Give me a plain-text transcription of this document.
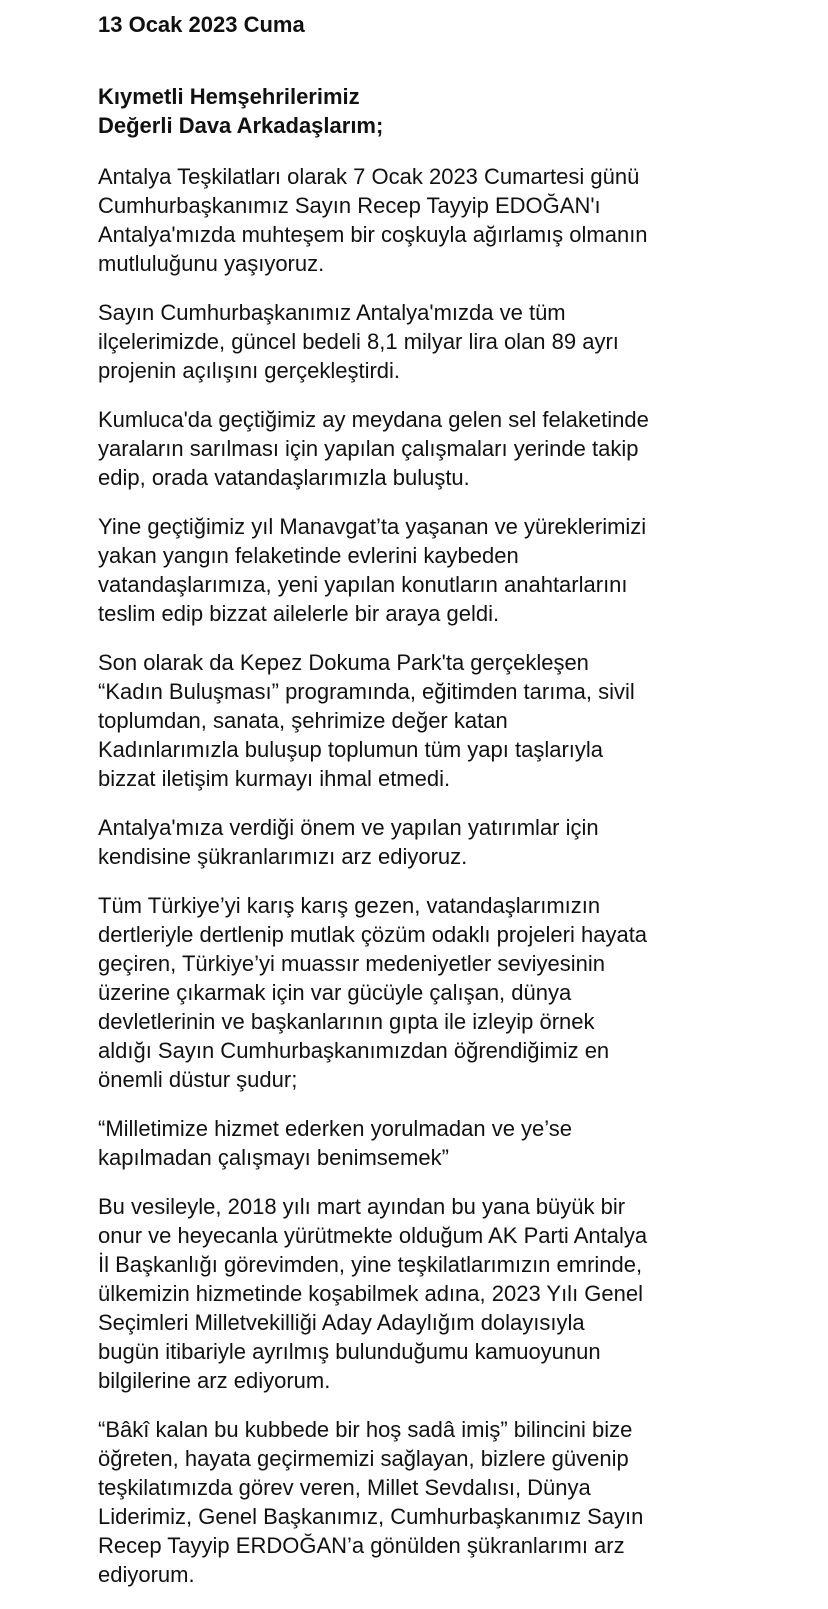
13 Ocak 2023 Cuma
Kıymetli Hemşehrilerimiz
Değerli Dava Arkadaşlarım;
Antalya Teşkilatları olarak 7 Ocak 2023 Cumartesi günü
Cumhurbaşkanımız Sayın Recep Tayyip EDOĞAN'ı
Antalya'mızda muhteşem bir coşkuyla ağırlamış olmanın
mutluluğunu yaşıyoruz.
Sayın Cumhurbaşkanımız Antalya'mızda ve tüm
ilçelerimizde, güncel bedeli 8,1 milyar lira olan 89 ayrı
projenin açılışını gerçekleştirdi.
Kumluca'da geçtiğimiz ay meydana gelen sel felaketinde
yaraların sarılması için yapılan çalışmaları yerinde takip
edip, orada vatandaşlarımızla buluştu.
Yine geçtiğimiz yıl Manavgat’ta yaşanan ve yüreklerimizi
yakan yangın felaketinde evlerini kaybeden
vatandaşlarımıza, yeni yapılan konutların anahtarlarını
teslim edip bizzat ailelerle bir araya geldi.
Son olarak da Kepez Dokuma Park'ta gerçekleşen
“Kadın Buluşması” programında, eğitimden tarıma, sivil
toplumdan, sanata, şehrimize değer katan
Kadınlarımızla buluşup toplumun tüm yapı taşlarıyla
bizzat iletişim kurmayı ihmal etmedi.
Antalya'mıza verdiği önem ve yapılan yatırımlar için
kendisine şükranlarımızı arz ediyoruz.
Tüm Türkiye’yi karış karış gezen, vatandaşlarımızın
dertleriyle dertlenip mutlak çözüm odaklı projeleri hayata
geçiren, Türkiye’yi muassır medeniyetler seviyesinin
üzerine çıkarmak için var gücüyle çalışan, dünya
devletlerinin ve başkanlarının gıpta ile izleyip örnek
aldığı Sayın Cumhurbaşkanımızdan öğrendiğimiz en
önemli düstur şudur;
“Milletimize hizmet ederken yorulmadan ve ye’se
kapılmadan çalışmayı benimsemek”
Bu vesileyle, 2018 yılı mart ayından bu yana büyük bir
onur ve heyecanla yürütmekte olduğum AK Parti Antalya
İl Başkanlığı görevimden, yine teşkilatlarımızın emrinde,
ülkemizin hizmetinde koşabilmek adına, 2023 Yılı Genel
Seçimleri Milletvekilliği Aday Adaylığım dolayısıyla
bugün itibariyle ayrılmış bulunduğumu kamuoyunun
bilgilerine arz ediyorum.
“Bâkî kalan bu kubbede bir hoş sadâ imiş” bilincini bize
öğreten, hayata geçirmemizi sağlayan, bizlere güvenip
teşkilatımızda görev veren, Millet Sevdalısı, Dünya
Liderimiz, Genel Başkanımız, Cumhurbaşkanımız Sayın
Recep Tayyip ERDOĞAN’a gönülden şükranlarımı arz
ediyorum.
